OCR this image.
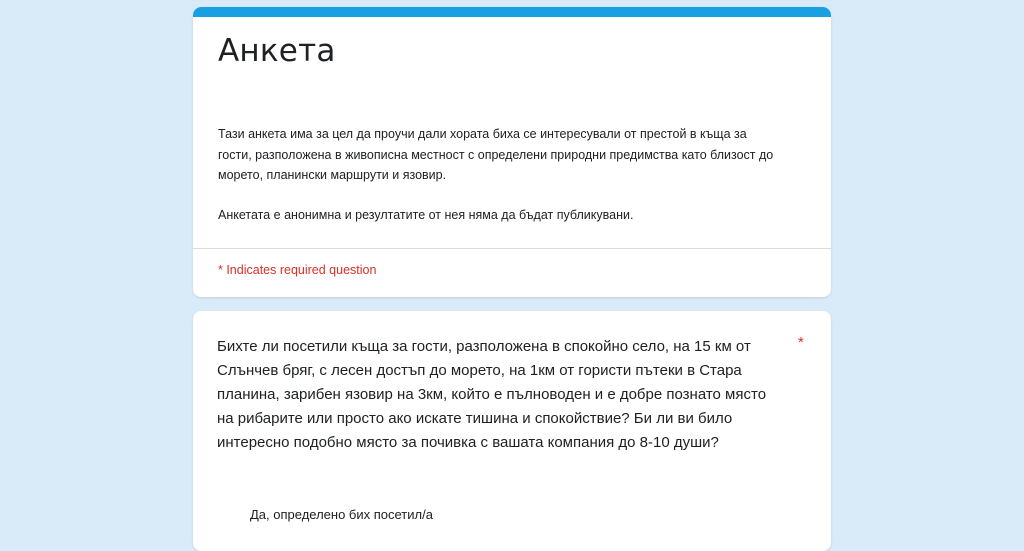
Анкета

Тази анкета има за цел да проучи дали хората биха се интересували от престой в къща за гости, разположена в живописна местност с определени природни предимства като близост до морето, планински маршрути и язовир.

Анкетата е анонимна и резултатите от нея няма да бъдат публикувани.

* Indicates required question

Бихте ли посетили къща за гости, разположена в спокойно село, на 15 км от Слънчев бряг, с лесен достъп до морето, на 1км от гористи пътеки в Стара планина, зарибен язовир на 3км, който е пълноводен и е добре познато място на рибарите или просто ако искате тишина и спокойствие? Би ли ви било интересно подобно място за почивка с вашата компания до 8-10 души?

*
Да, определено бих посетил/а
